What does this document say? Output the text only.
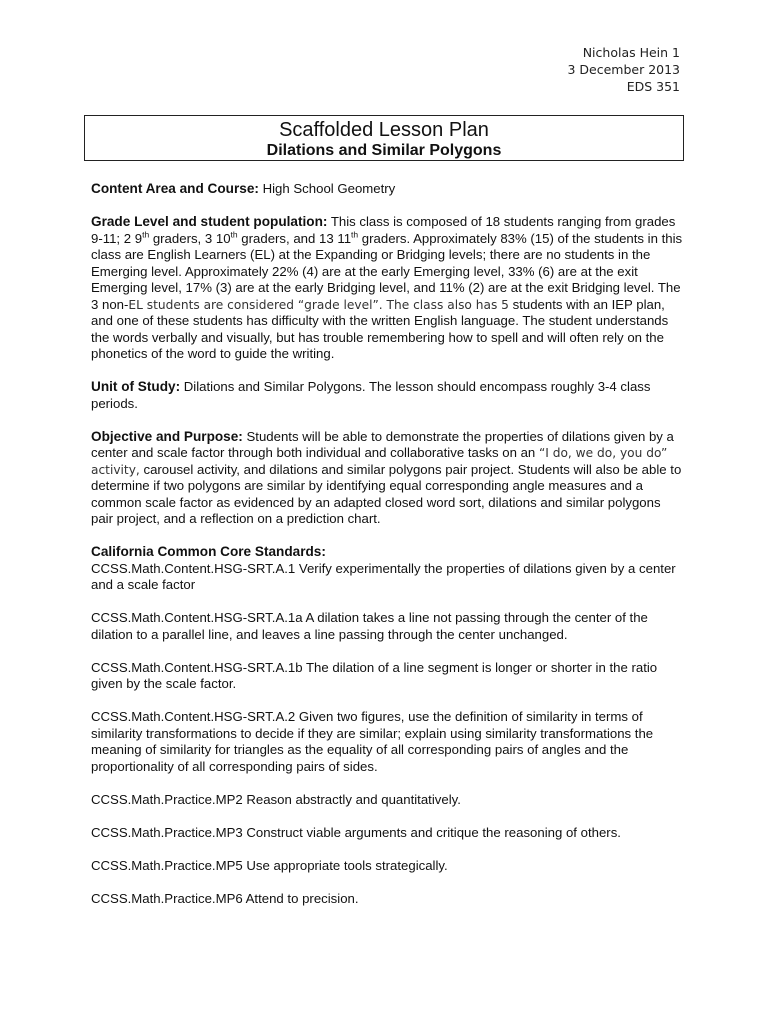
Nicholas Hein 1
3 December 2013
EDS 351
Scaffolded Lesson Plan
Dilations and Similar Polygons

Content Area and Course: High School Geometry

Grade Level and student population: This class is composed of 18 students ranging from grades 9-11; 2 9th graders, 3 10th graders, and 13 11th graders. Approximately 83% (15) of the students in this class are English Learners (EL) at the Expanding or Bridging levels; there are no students in the Emerging level. Approximately 22% (4) are at the early Emerging level, 33% (6) are at the exit Emerging level, 17% (3) are at the early Bridging level, and 11% (2) are at the exit Bridging level. The 3 non-EL students are considered “grade level”. The class also has 5 students with an IEP plan, and one of these students has difficulty with the written English language. The student understands the words verbally and visually, but has trouble remembering how to spell and will often rely on the phonetics of the word to guide the writing.

Unit of Study: Dilations and Similar Polygons. The lesson should encompass roughly 3-4 class periods.

Objective and Purpose: Students will be able to demonstrate the properties of dilations given by a center and scale factor through both individual and collaborative tasks on an “I do, we do, you do” activity, carousel activity, and dilations and similar polygons pair project. Students will also be able to determine if two polygons are similar by identifying equal corresponding angle measures and a common scale factor as evidenced by an adapted closed word sort, dilations and similar polygons pair project, and a reflection on a prediction chart.

California Common Core Standards:

CCSS.Math.Content.HSG-SRT.A.1 Verify experimentally the properties of dilations given by a center and a scale factor

CCSS.Math.Content.HSG-SRT.A.1a A dilation takes a line not passing through the center of the dilation to a parallel line, and leaves a line passing through the center unchanged.

CCSS.Math.Content.HSG-SRT.A.1b The dilation of a line segment is longer or shorter in the ratio given by the scale factor.

CCSS.Math.Content.HSG-SRT.A.2 Given two figures, use the definition of similarity in terms of similarity transformations to decide if they are similar; explain using similarity transformations the meaning of similarity for triangles as the equality of all corresponding pairs of angles and the proportionality of all corresponding pairs of sides.

CCSS.Math.Practice.MP2 Reason abstractly and quantitatively.

CCSS.Math.Practice.MP3 Construct viable arguments and critique the reasoning of others.

CCSS.Math.Practice.MP5 Use appropriate tools strategically.

CCSS.Math.Practice.MP6 Attend to precision.
